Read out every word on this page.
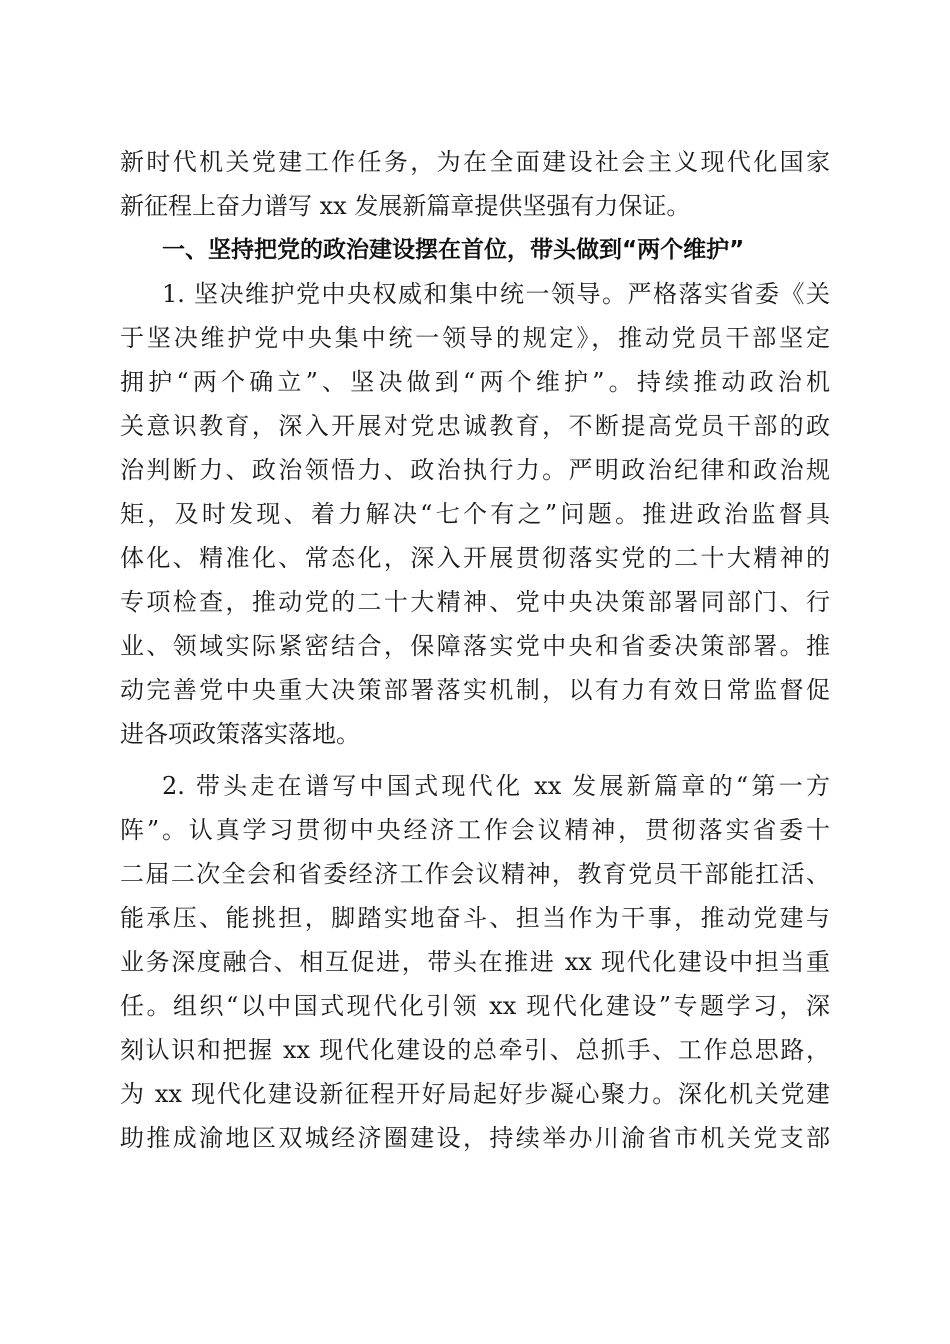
新时代机关党建工作任务，为在全面建设社会主义现代化国家
新征程上奋力谱写 xx 发展新篇章提供坚强有力保证。
一、坚持把党的政治建设摆在首位，带头做到“两个维护”
1. 坚决维护党中央权威和集中统一领导。严格落实省委《关
于坚决维护党中央集中统一领导的规定》，推动党员干部坚定
拥护“两个确立”、坚决做到“两个维护”。持续推动政治机
关意识教育，深入开展对党忠诚教育，不断提高党员干部的政
治判断力、政治领悟力、政治执行力。严明政治纪律和政治规
矩，及时发现、着力解决“七个有之”问题。推进政治监督具
体化、精准化、常态化，深入开展贯彻落实党的二十大精神的
专项检查，推动党的二十大精神、党中央决策部署同部门、行
业、领域实际紧密结合，保障落实党中央和省委决策部署。推
动完善党中央重大决策部署落实机制，以有力有效日常监督促
进各项政策落实落地。
2. 带头走在谱写中国式现代化 xx 发展新篇章的“第一方
阵”。认真学习贯彻中央经济工作会议精神，贯彻落实省委十
二届二次全会和省委经济工作会议精神，教育党员干部能扛活、
能承压、能挑担，脚踏实地奋斗、担当作为干事，推动党建与
业务深度融合、相互促进，带头在推进 xx 现代化建设中担当重
任。组织“以中国式现代化引领 xx 现代化建设”专题学习，深
刻认识和把握 xx 现代化建设的总牵引、总抓手、工作总思路，
为 xx 现代化建设新征程开好局起好步凝心聚力。深化机关党建
助推成渝地区双城经济圈建设，持续举办川渝省市机关党支部
